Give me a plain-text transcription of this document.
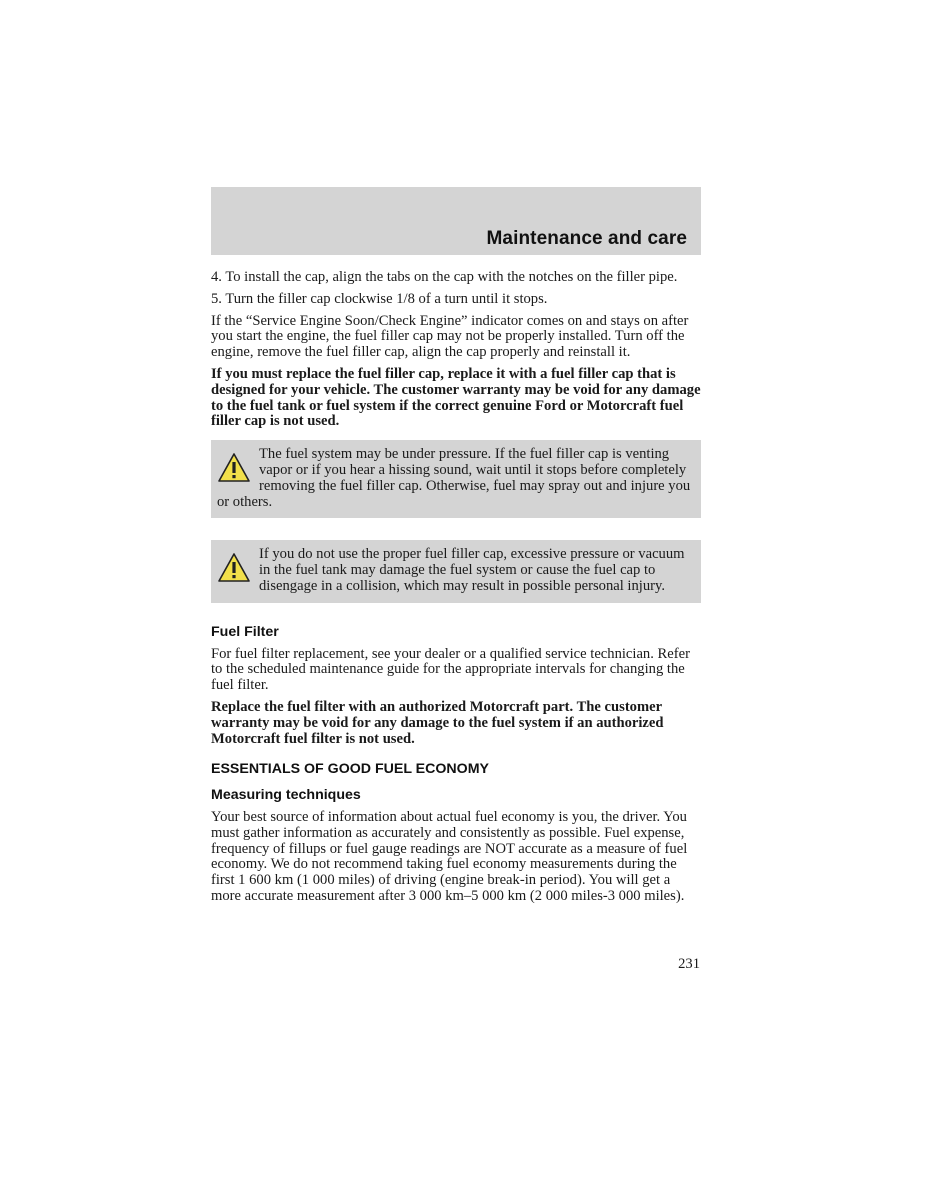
Maintenance and care

4. To install the cap, align the tabs on the cap with the notches on the filler pipe.

5. Turn the filler cap clockwise 1/8 of a turn until it stops.

If the “Service Engine Soon/Check Engine” indicator comes on and stays on after you start the engine, the fuel filler cap may not be properly installed. Turn off the engine, remove the fuel filler cap, align the cap properly and reinstall it.

If you must replace the fuel filler cap, replace it with a fuel filler cap that is designed for your vehicle. The customer warranty may be void for any damage to the fuel tank or fuel system if the correct genuine Ford or Motorcraft fuel filler cap is not used.

The fuel system may be under pressure. If the fuel filler cap is venting vapor or if you hear a hissing sound, wait until it stops before completely removing the fuel filler cap. Otherwise, fuel may spray out and injure you or others.

If you do not use the proper fuel filler cap, excessive pressure or vacuum in the fuel tank may damage the fuel system or cause the fuel cap to disengage in a collision, which may result in possible personal injury.

Fuel Filter

For fuel filter replacement, see your dealer or a qualified service technician. Refer to the scheduled maintenance guide for the appropriate intervals for changing the fuel filter.

Replace the fuel filter with an authorized Motorcraft part. The customer warranty may be void for any damage to the fuel system if an authorized Motorcraft fuel filter is not used.

ESSENTIALS OF GOOD FUEL ECONOMY
Measuring techniques

Your best source of information about actual fuel economy is you, the driver. You must gather information as accurately and consistently as possible. Fuel expense, frequency of fillups or fuel gauge readings are NOT accurate as a measure of fuel economy. We do not recommend taking fuel economy measurements during the first 1 600 km (1 000 miles) of driving (engine break-in period). You will get a more accurate measurement after 3 000 km–5 000 km (2 000 miles-3 000 miles).

231
